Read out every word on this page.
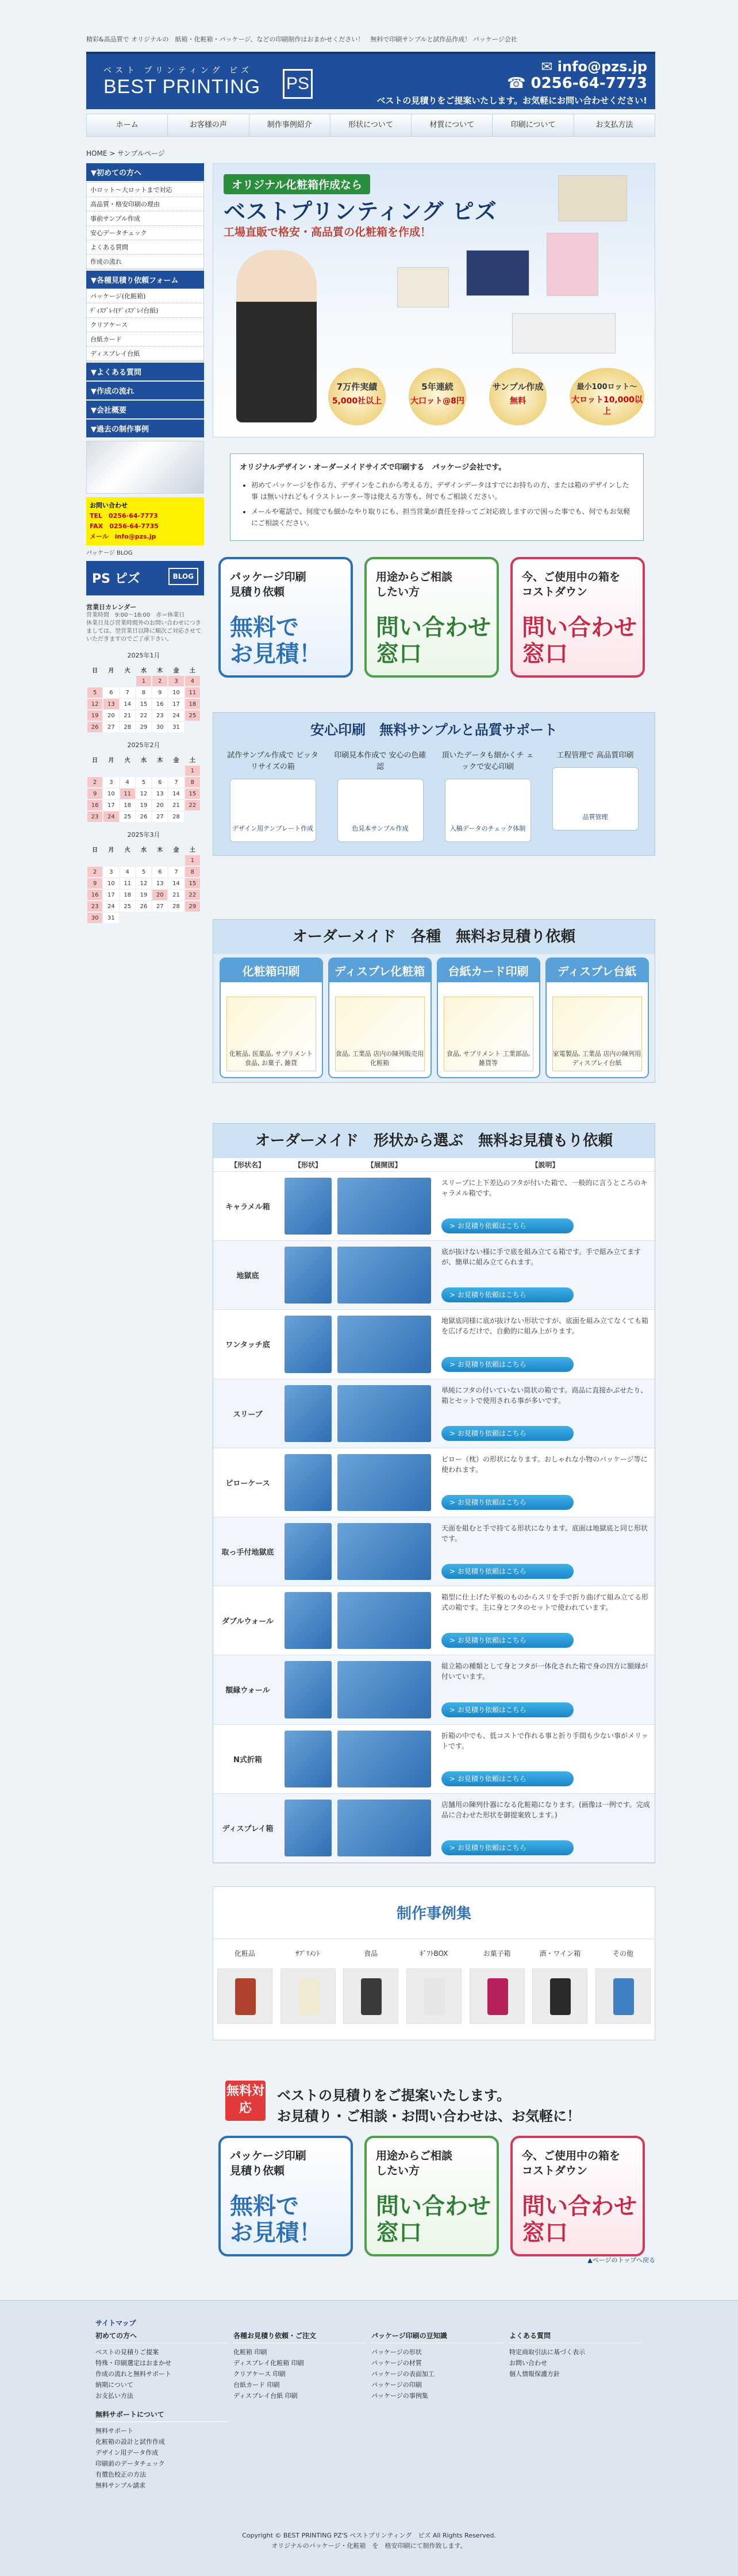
精彩&高品質で オリジナルの　紙箱・化粧箱・パッケージ、などの印刷制作はおまかせください！　無料で印刷サンプルと試作品作成！ パッケージ会社
ベスト プリンティング ピズ
BEST PRINTING PS
✉ info@pzs.jp
☎ 0256-64-7773
ベストの見積りをご提案いたします。お気軽にお問い合わせください!
ホーム	お客様の声	制作事例紹介	形状について	材質について	印刷について	お支払方法
HOME > サンプルページ
▼初めての方へ
小ロット〜大ロットまで対応
高品質・格安印刷の理由
事前サンプル作成
安心データチェック
よくある質問
作成の流れ
▼各種見積り依頼フォーム
パッケージ(化粧箱)
ﾃﾞｨｽﾌﾟﾚｲ(ﾃﾞｨｽﾌﾟﾚｲ台紙)
クリアケース
台紙カード
ディスプレイ台紙
▼よくある質問
▼作成の流れ
▼会社概要
▼過去の制作事例
お問い合わせ
TEL　0256-64-7773
FAX　0256-64-7735
メール　info@pzs.jp
パッケージ BLOG
PS ピズ	BLOG
営業日カレンダー
営業時間　9:00〜18:00　赤＝休業日
休業日及び営業時間外のお問い合わせにつきましては、翌営業日以降に順次ご対応させていただきますのでご了承下さい。
2025年1月
日	月	火	水	木	金	土
			1	2	3	4
5	6	7	8	9	10	11
12	13	14	15	16	17	18
19	20	21	22	23	24	25
26	27	28	29	30	31	
2025年2月
日	月	火	水	木	金	土
						1
2	3	4	5	6	7	8
9	10	11	12	13	14	15
16	17	18	19	20	21	22
23	24	25	26	27	28	
2025年3月
日	月	火	水	木	金	土
						1
2	3	4	5	6	7	8
9	10	11	12	13	14	15
16	17	18	19	20	21	22
23	24	25	26	27	28	29
30	31					
オリジナル化粧箱作成なら
ベストプリンティング ピズ
工場直販で格安・高品質の化粧箱を作成！
7万件実績
5,000社以上
5年連続
大口ット@8円
サンプル作成
無料
最小100ロット〜
大ロット10,000以上
オリジナルデザイン・オーダーメイドサイズで印刷する　パッケージ会社です。
• 初めてパッケージを作る方、デザインをこれから考える方、デザインデータはすでにお持ちの方、または箱のデザインした事 は無いけれどもイラストレーター等は使える方等も、何でもご相談ください。
• メールや電話で、何度でも細かなやり取りにも、担当営業が責任を持ってご対応致しますので困った事でも、何でもお気軽にご相談ください。
パッケージ印刷
見積り依頼
無料で
お見積！
用途からご相談
したい方
問い合わせ
窓口
今、ご使用中の箱を
コストダウン
問い合わせ
窓口
安心印刷　無料サンプルと品質サポート
試作サンプル作成で ピッタリサイズの箱
デザイン用テンプレート作成
印刷見本作成で 安心の色確認
色見本サンプル作成
頂いたデータも細かくチ ェックで安心印刷
入稿データのチェック体制
工程管理で 高品質印刷
品質管理
オーダーメイド　各種　無料お見積り依頼
化粧箱印刷
化粧品, 医薬品, サプリメント 食品, お菓子, 雑貨
ディスプレ化粧箱
食品, 工業品 店内の陳列販売用化粧箱
台紙カード印刷
食品, サプリメント 工業部品, 雑貨等
ディスプレ台紙
家電製品, 工業品 店内の陳列用 ディスプレイ台紙
オーダーメイド　形状から選ぶ　無料お見積もり依頼
【形状名】	【形状】	【展開図】	【説明】
キャラメル箱
スリーブに上下差込のフタが付いた箱で、一般的に言うところのキャラメル箱です。
> お見積り依頼はこちら
地獄底
底が抜けない様に手で底を組み立てる箱です。手で組み立てますが、簡単に組み立てられます。
> お見積り依頼はこちら
ワンタッチ底
地獄底同様に底が抜けない形状ですが、底面を組み立てなくても箱を広げるだけで、自動的に組み上がります。
> お見積り依頼はこちら
スリーブ
単純にフタの付いていない筒状の箱です。商品に直接かぶせたり、箱とセットで使用される事が多いです。
> お見積り依頼はこちら
ピローケース
ピロー（枕）の形状になります。おしゃれな小物のパッケージ等に使われます。
> お見積り依頼はこちら
取っ手付地獄底
天面を組むと手で持てる形状になります。底面は地獄底と同じ形状です。
> お見積り依頼はこちら
ダブルウォール
箱型に仕上げた平板のものからスリを手で折り曲げて組み立てる形式の箱です。主に身とフタのセットで使われています。
> お見積り依頼はこちら
額縁ウォール
組立箱の種類として身とフタが一体化された箱で身の四方に額縁が付いています。
> お見積り依頼はこちら
N式折箱
折箱の中でも、低コストで作れる事と折り手間も少ない事がメリットです。
> お見積り依頼はこちら
ディスプレイ箱
店舗用の陳列什器になる化粧箱になります。(画像は一例です。完成品に合わせた形状を御提案致します。)
> お見積り依頼はこちら
制作事例集
化粧品	ｻﾌﾟﾘﾒﾝﾄ	食品	ｷﾞﾌﾄBOX	お菓子箱	酒・ワイン箱	その他
無料対応
ベストの見積りをご提案いたします。
お見積り・ご相談・お問い合わせは、お気軽に！
パッケージ印刷
見積り依頼
無料で
お見積！
用途からご相談
したい方
問い合わせ
窓口
今、ご使用中の箱を
コストダウン
問い合わせ
窓口
▲ページのトップへ戻る
サイトマップ
初めての方へ
ベストの見積りご提案
特殊・印刷選定はおまかせ
作成の流れと無料サポート
納期について
お支払い方法
無料サポートについて
無料サポート
化粧箱の設計と試作作成
デザイン用データ作成
印刷前のデータチェック
有償色校正の方法
無料サンプル請求
各種お見積り依頼・ご注文
化粧箱 印刷
ディスプレイ化粧箱 印刷
クリアケース 印刷
台紙カード 印刷
ディスプレイ台紙 印刷
パッケージ印刷の豆知識
パッケージの形状
パッケージの材質
パッケージの表面加工
パッケージの印刷
パッケージの事例集
よくある質問
特定商取引法に基づく表示
お問い合わせ
個人情報保護方針
Copyright © BEST PRINTING PZ'S ベストプリンティング　ピズ All Rights Reserved.
オリジナルのパッケージ・化粧箱　を　格安印刷にて制作致します。
